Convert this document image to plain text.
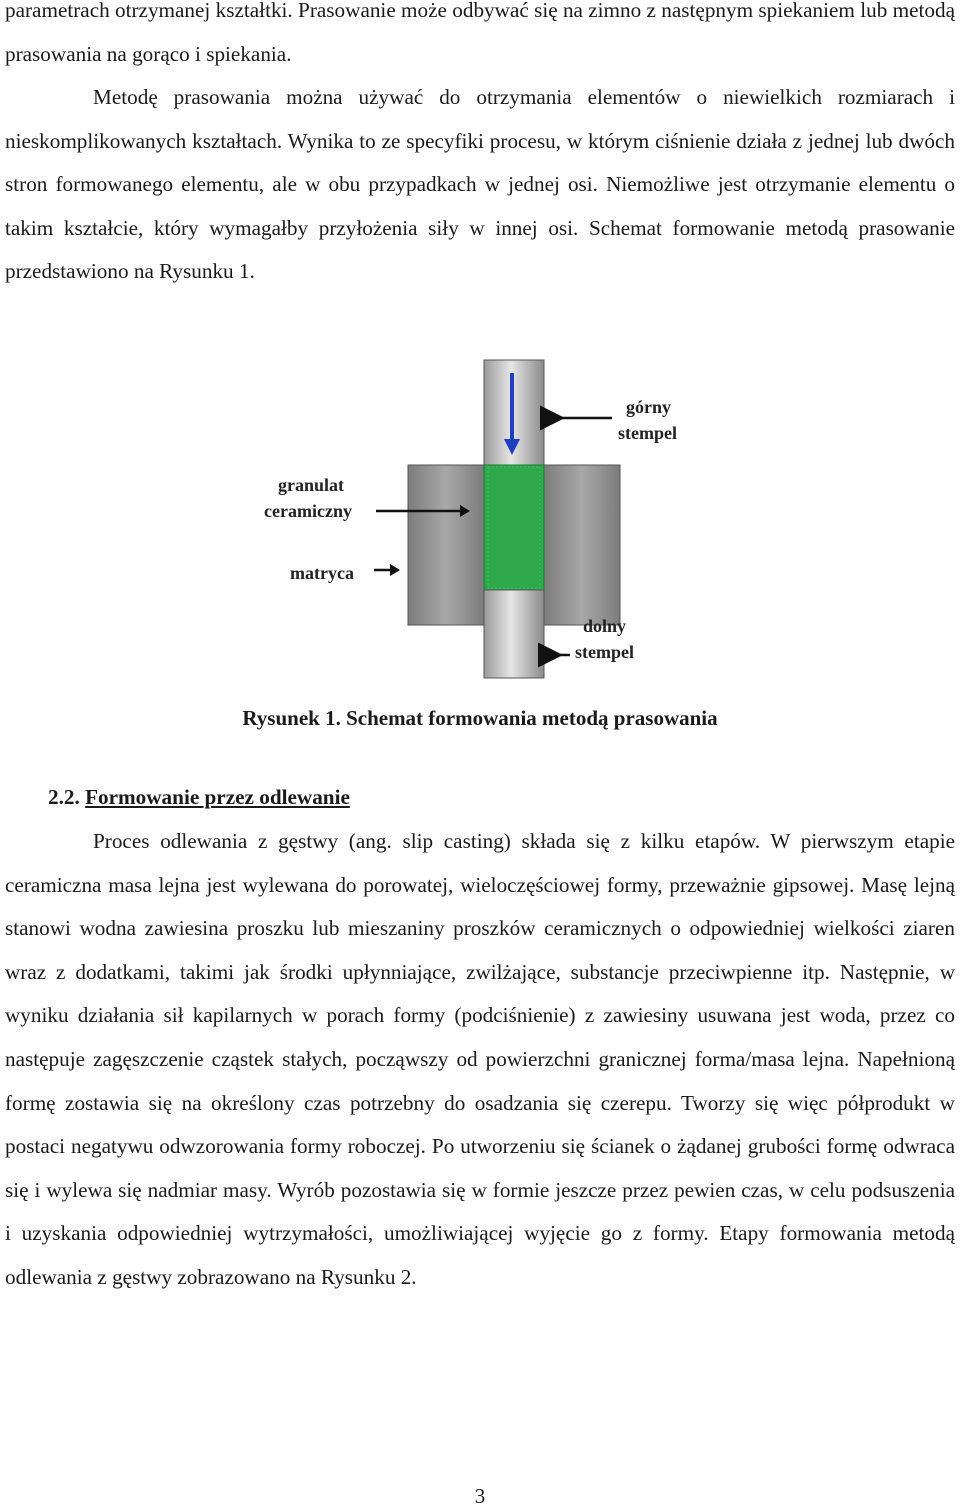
parametrach otrzymanej kształtki. Prasowanie może odbywać się na zimno z następnym spiekaniem lub metodą prasowania na gorąco i spiekania.

Metodę prasowania można używać do otrzymania elementów o niewielkich rozmiarach i nieskomplikowanych kształtach. Wynika to ze specyfiki procesu, w którym ciśnienie działa z jednej lub dwóch stron formowanego elementu, ale w obu przypadkach w jednej osi. Niemożliwe jest otrzymanie elementu o takim kształcie, który wymagałby przyłożenia siły w innej osi. Schemat formowanie metodą prasowanie przedstawiono na Rysunku 1.

górny
stempel
granulat
ceramiczny
matryca
dolny
stempel
Rysunek 1. Schemat formowania metodą prasowania
2.2. Formowanie przez odlewanie

Proces odlewania z gęstwy (ang. slip casting) składa się z kilku etapów. W pierwszym etapie ceramiczna masa lejna jest wylewana do porowatej, wieloczęściowej formy, przeważnie gipsowej. Masę lejną stanowi wodna zawiesina proszku lub mieszaniny proszków ceramicznych o odpowiedniej wielkości ziaren wraz z dodatkami, takimi jak środki upłynniające, zwilżające, substancje przeciwpienne itp. Następnie, w wyniku działania sił kapilarnych w porach formy (podciśnienie) z zawiesiny usuwana jest woda, przez co następuje zagęszczenie cząstek stałych, począwszy od powierzchni granicznej forma/masa lejna. Napełnioną formę zostawia się na określony czas potrzebny do osadzania się czerepu. Tworzy się więc półprodukt w postaci negatywu odwzorowania formy roboczej. Po utworzeniu się ścianek o żądanej grubości formę odwraca się i wylewa się nadmiar masy. Wyrób pozostawia się w formie jeszcze przez pewien czas, w celu podsuszenia i uzyskania odpowiedniej wytrzymałości, umożliwiającej wyjęcie go z formy. Etapy formowania metodą odlewania z gęstwy zobrazowano na Rysunku 2.

3
